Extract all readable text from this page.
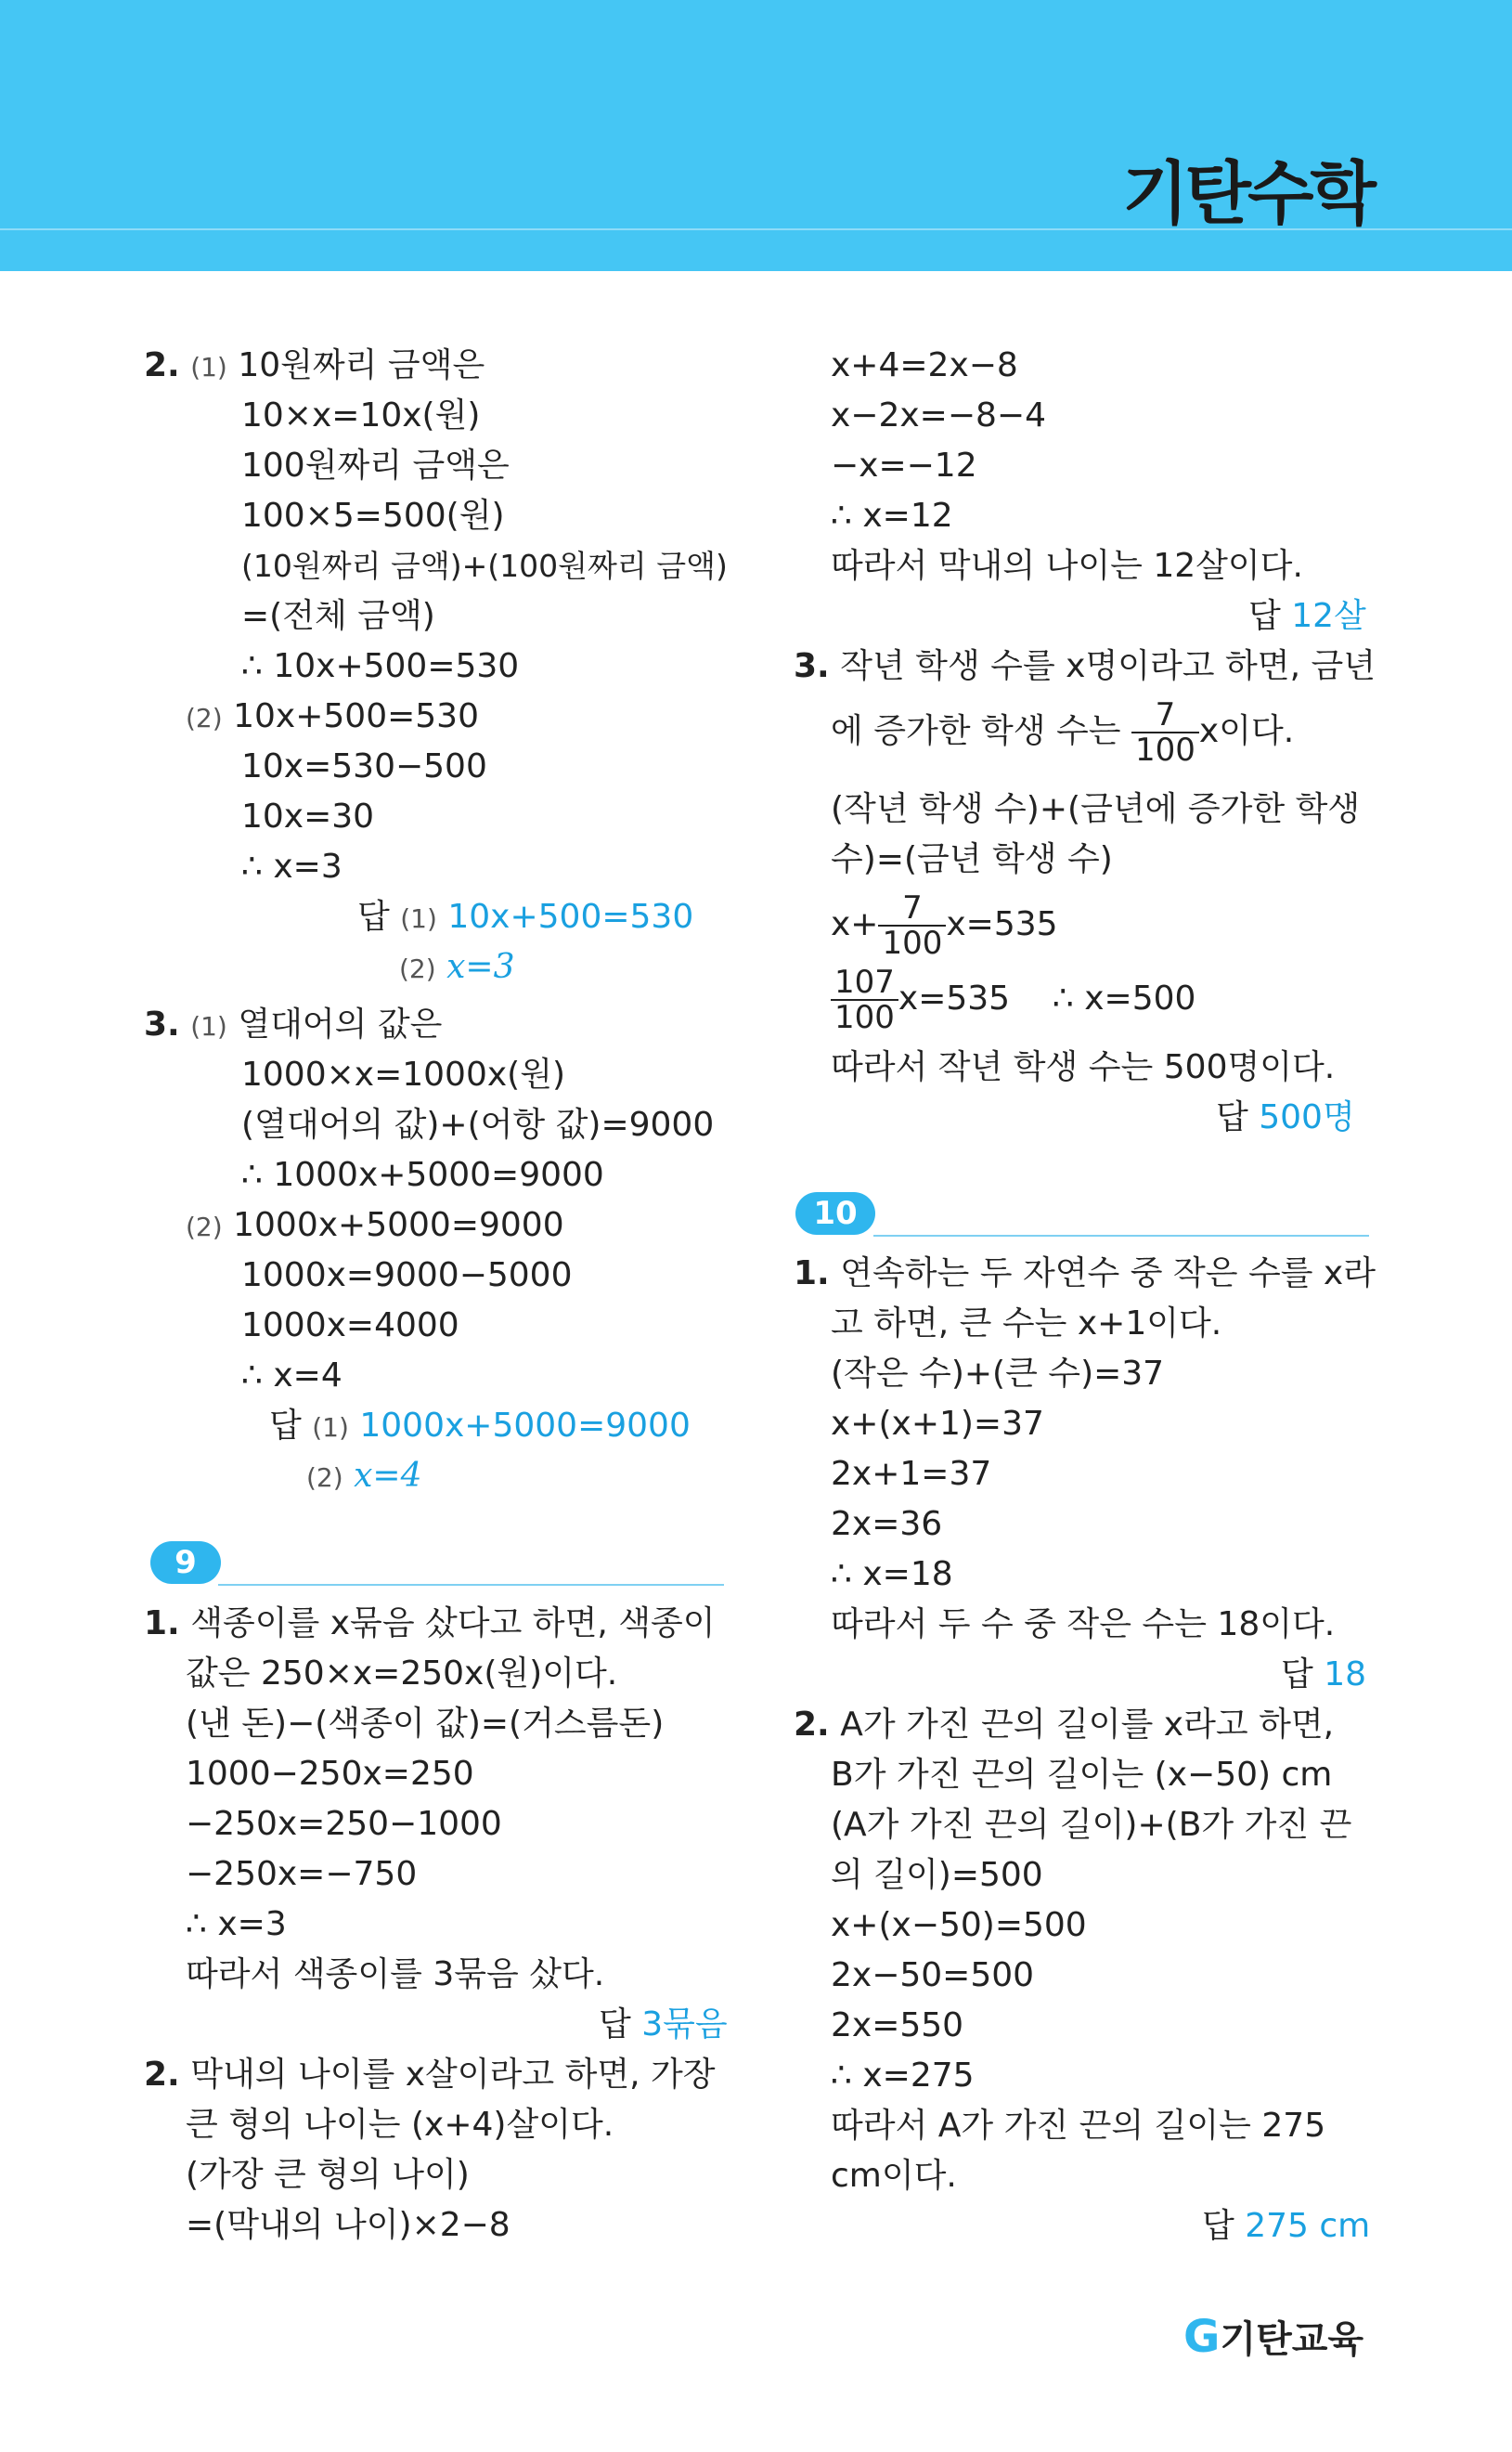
기탄수학
2. (1) 10원짜리 금액은
10×x=10x(원)
100원짜리 금액은
100×5=500(원)
(10원짜리 금액)+(100원짜리 금액)
=(전체 금액)
∴ 10x+500=530
(2) 10x+500=530
10x=530−500
10x=30
∴ x=3
답 (1) 10x+500=530
(2) x=3
3. (1) 열대어의 값은
1000×x=1000x(원)
(열대어의 값)+(어항 값)=9000
∴ 1000x+5000=9000
(2) 1000x+5000=9000
1000x=9000−5000
1000x=4000
∴ x=4
답 (1) 1000x+5000=9000
(2) x=4
9
1. 색종이를 x묶음 샀다고 하면, 색종이
값은 250×x=250x(원)이다.
(낸 돈)−(색종이 값)=(거스름돈)
1000−250x=250
−250x=250−1000
−250x=−750
∴ x=3
따라서 색종이를 3묶음 샀다.
답 3묶음
2. 막내의 나이를 x살이라고 하면, 가장
큰 형의 나이는 (x+4)살이다.
(가장 큰 형의 나이)
=(막내의 나이)×2−8
x+4=2x−8
x−2x=−8−4
−x=−12
∴ x=12
따라서 막내의 나이는 12살이다.
답 12살
3. 작년 학생 수를 x명이라고 하면, 금년
에 증가한 학생 수는 $\frac{7}{100}$ x이다.
(작년 학생 수)+(금년에 증가한 학생
수)=(금년 학생 수)
$x+ \frac{7}{100} x=535$
$\frac{107}{100} x=535$ ∴ x=500
따라서 작년 학생 수는 500명이다.
답 500명
10
1. 연속하는 두 자연수 중 작은 수를 x라
고 하면, 큰 수는 x+1이다.
(작은 수)+(큰 수)=37
x+(x+1)=37
2x+1=37
2x=36
∴ x=18
따라서 두 수 중 작은 수는 18이다.
답 18
2. A가 가진 끈의 길이를 x라고 하면,
B가 가진 끈의 길이는 (x−50) cm
(A가 가진 끈의 길이)+(B가 가진 끈
의 길이)=500
x+(x−50)=500
2x−50=500
2x=550
∴ x=275
따라서 A가 가진 끈의 길이는 275
cm이다.
답 275 cm
G기탄교육
